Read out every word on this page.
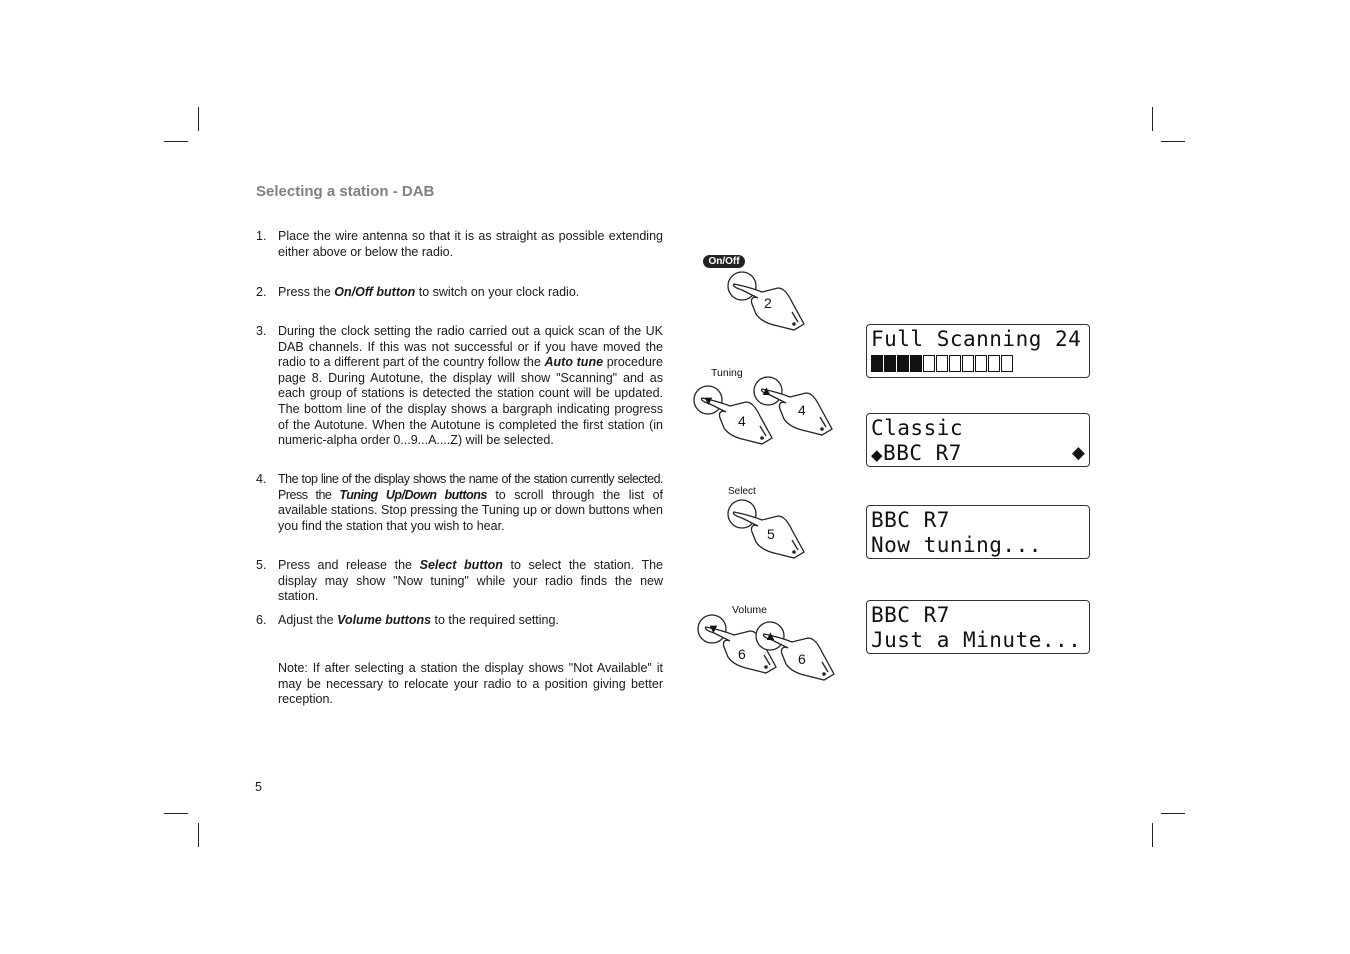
Selecting a station - DAB
1. Place the wire antenna so that it is as straight as possible extending either above or below the radio.
2. Press the On/Off button to switch on your clock radio.
3. During the clock setting the radio carried out a quick scan of the UK DAB channels. If this was not successful or if you have moved the radio to a different part of the country follow the Auto tune procedure page 8. During Autotune, the display will show "Scanning" and as each group of stations is detected the station count will be updated. The bottom line of the display shows a bargraph indicating progress of the Autotune. When the Autotune is completed the first station (in numeric-alpha order 0...9...A....Z) will be selected.
4. The top line of the display shows the name of the station currently selected. Press the Tuning Up/Down buttons to scroll through the list of available stations. Stop pressing the Tuning up or down buttons when you find the station that you wish to hear.
5. Press and release the Select button to select the station. The display may show "Now tuning" while your radio finds the new station.
6. Adjust the Volume buttons to the required setting.
Note: If after selecting a station the display shows "Not Available" it may be necessary to relocate your radio to a position giving better reception.
5
On/Off
2
Tuning
▼
4
▲
4
Select
5
Volume
▼
6
▲
6
Full Scanning 24
Classic
◆BBC R7	◆
BBC R7
Now tuning...
BBC R7
Just a Minute...
